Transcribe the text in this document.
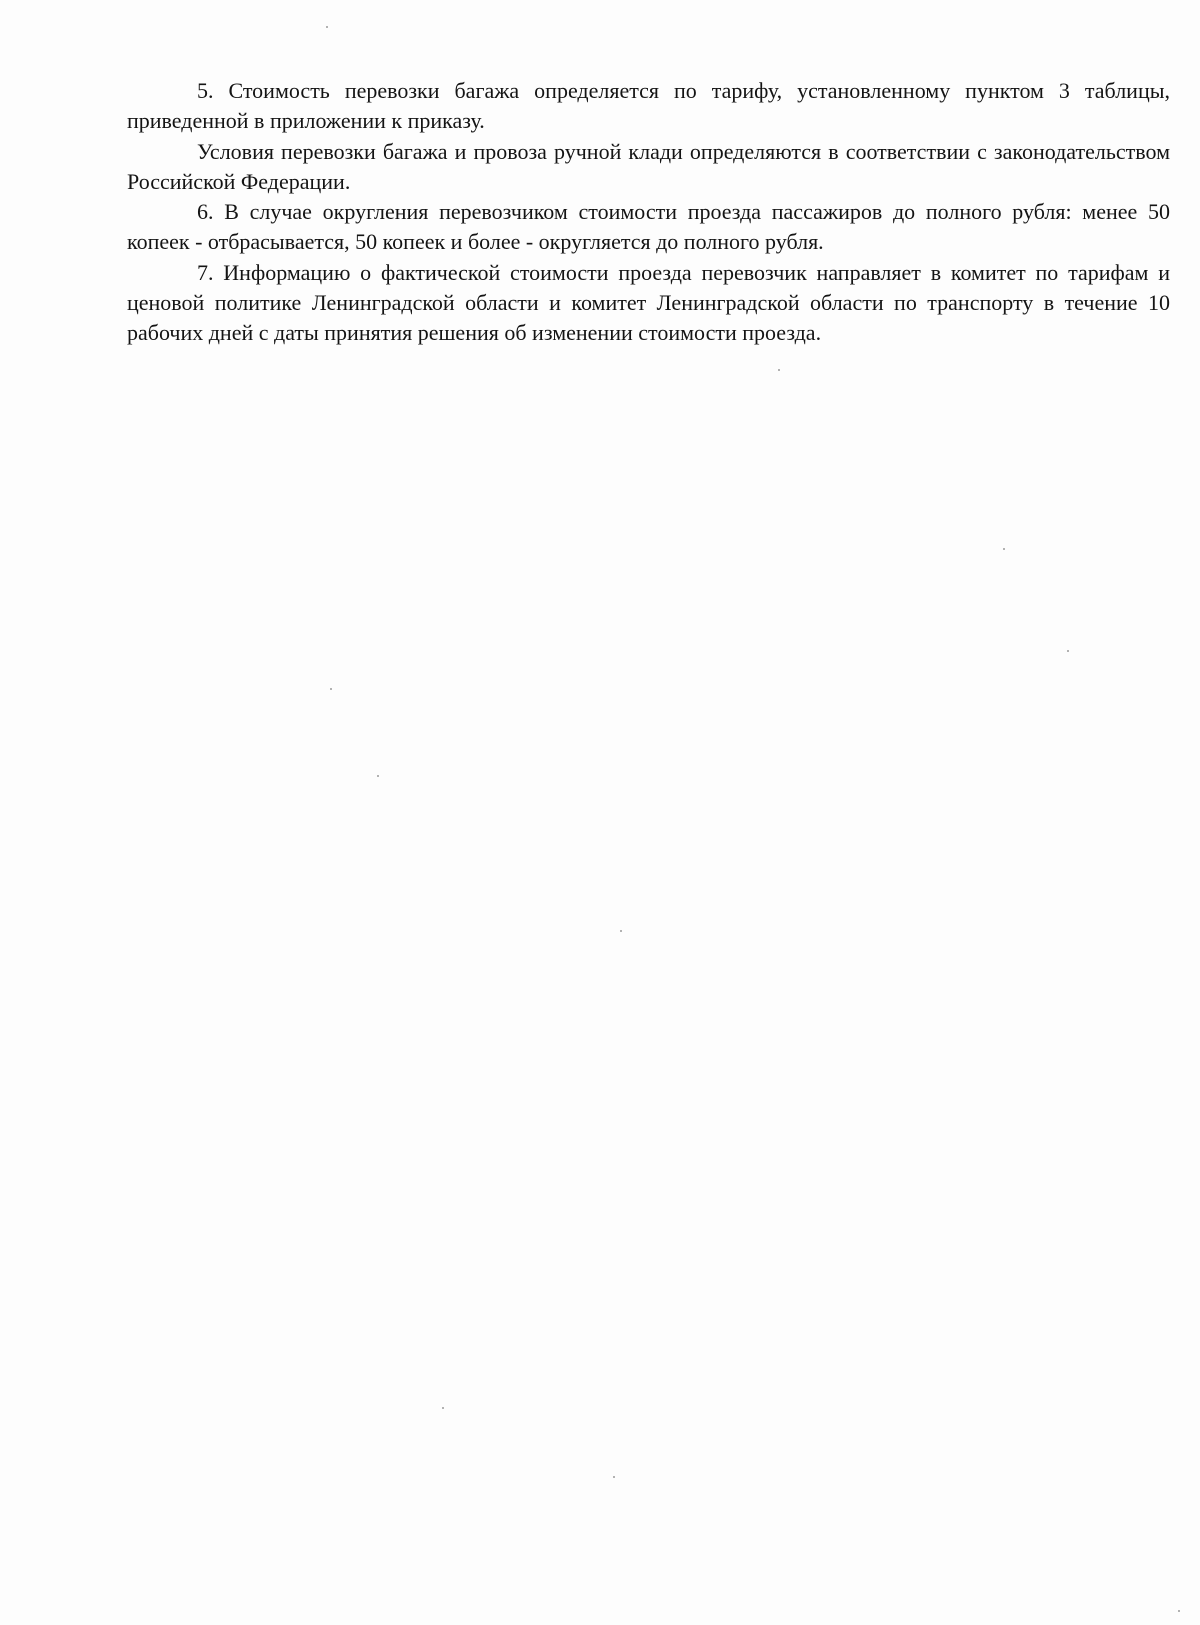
5. Стоимость перевозки багажа определяется по тарифу, установленному пунктом 3 таблицы, приведенной в приложении к приказу.

Условия перевозки багажа и провоза ручной клади определяются в соответствии с законодательством Российской Федерации.

6. В случае округления перевозчиком стоимости проезда пассажиров до полного рубля: менее 50 копеек - отбрасывается, 50 копеек и более - округляется до полного рубля.

7. Информацию о фактической стоимости проезда перевозчик направляет в комитет по тарифам и ценовой политике Ленинградской области и комитет Ленинградской области по транспорту в течение 10 рабочих дней с даты принятия решения об изменении стоимости проезда.
